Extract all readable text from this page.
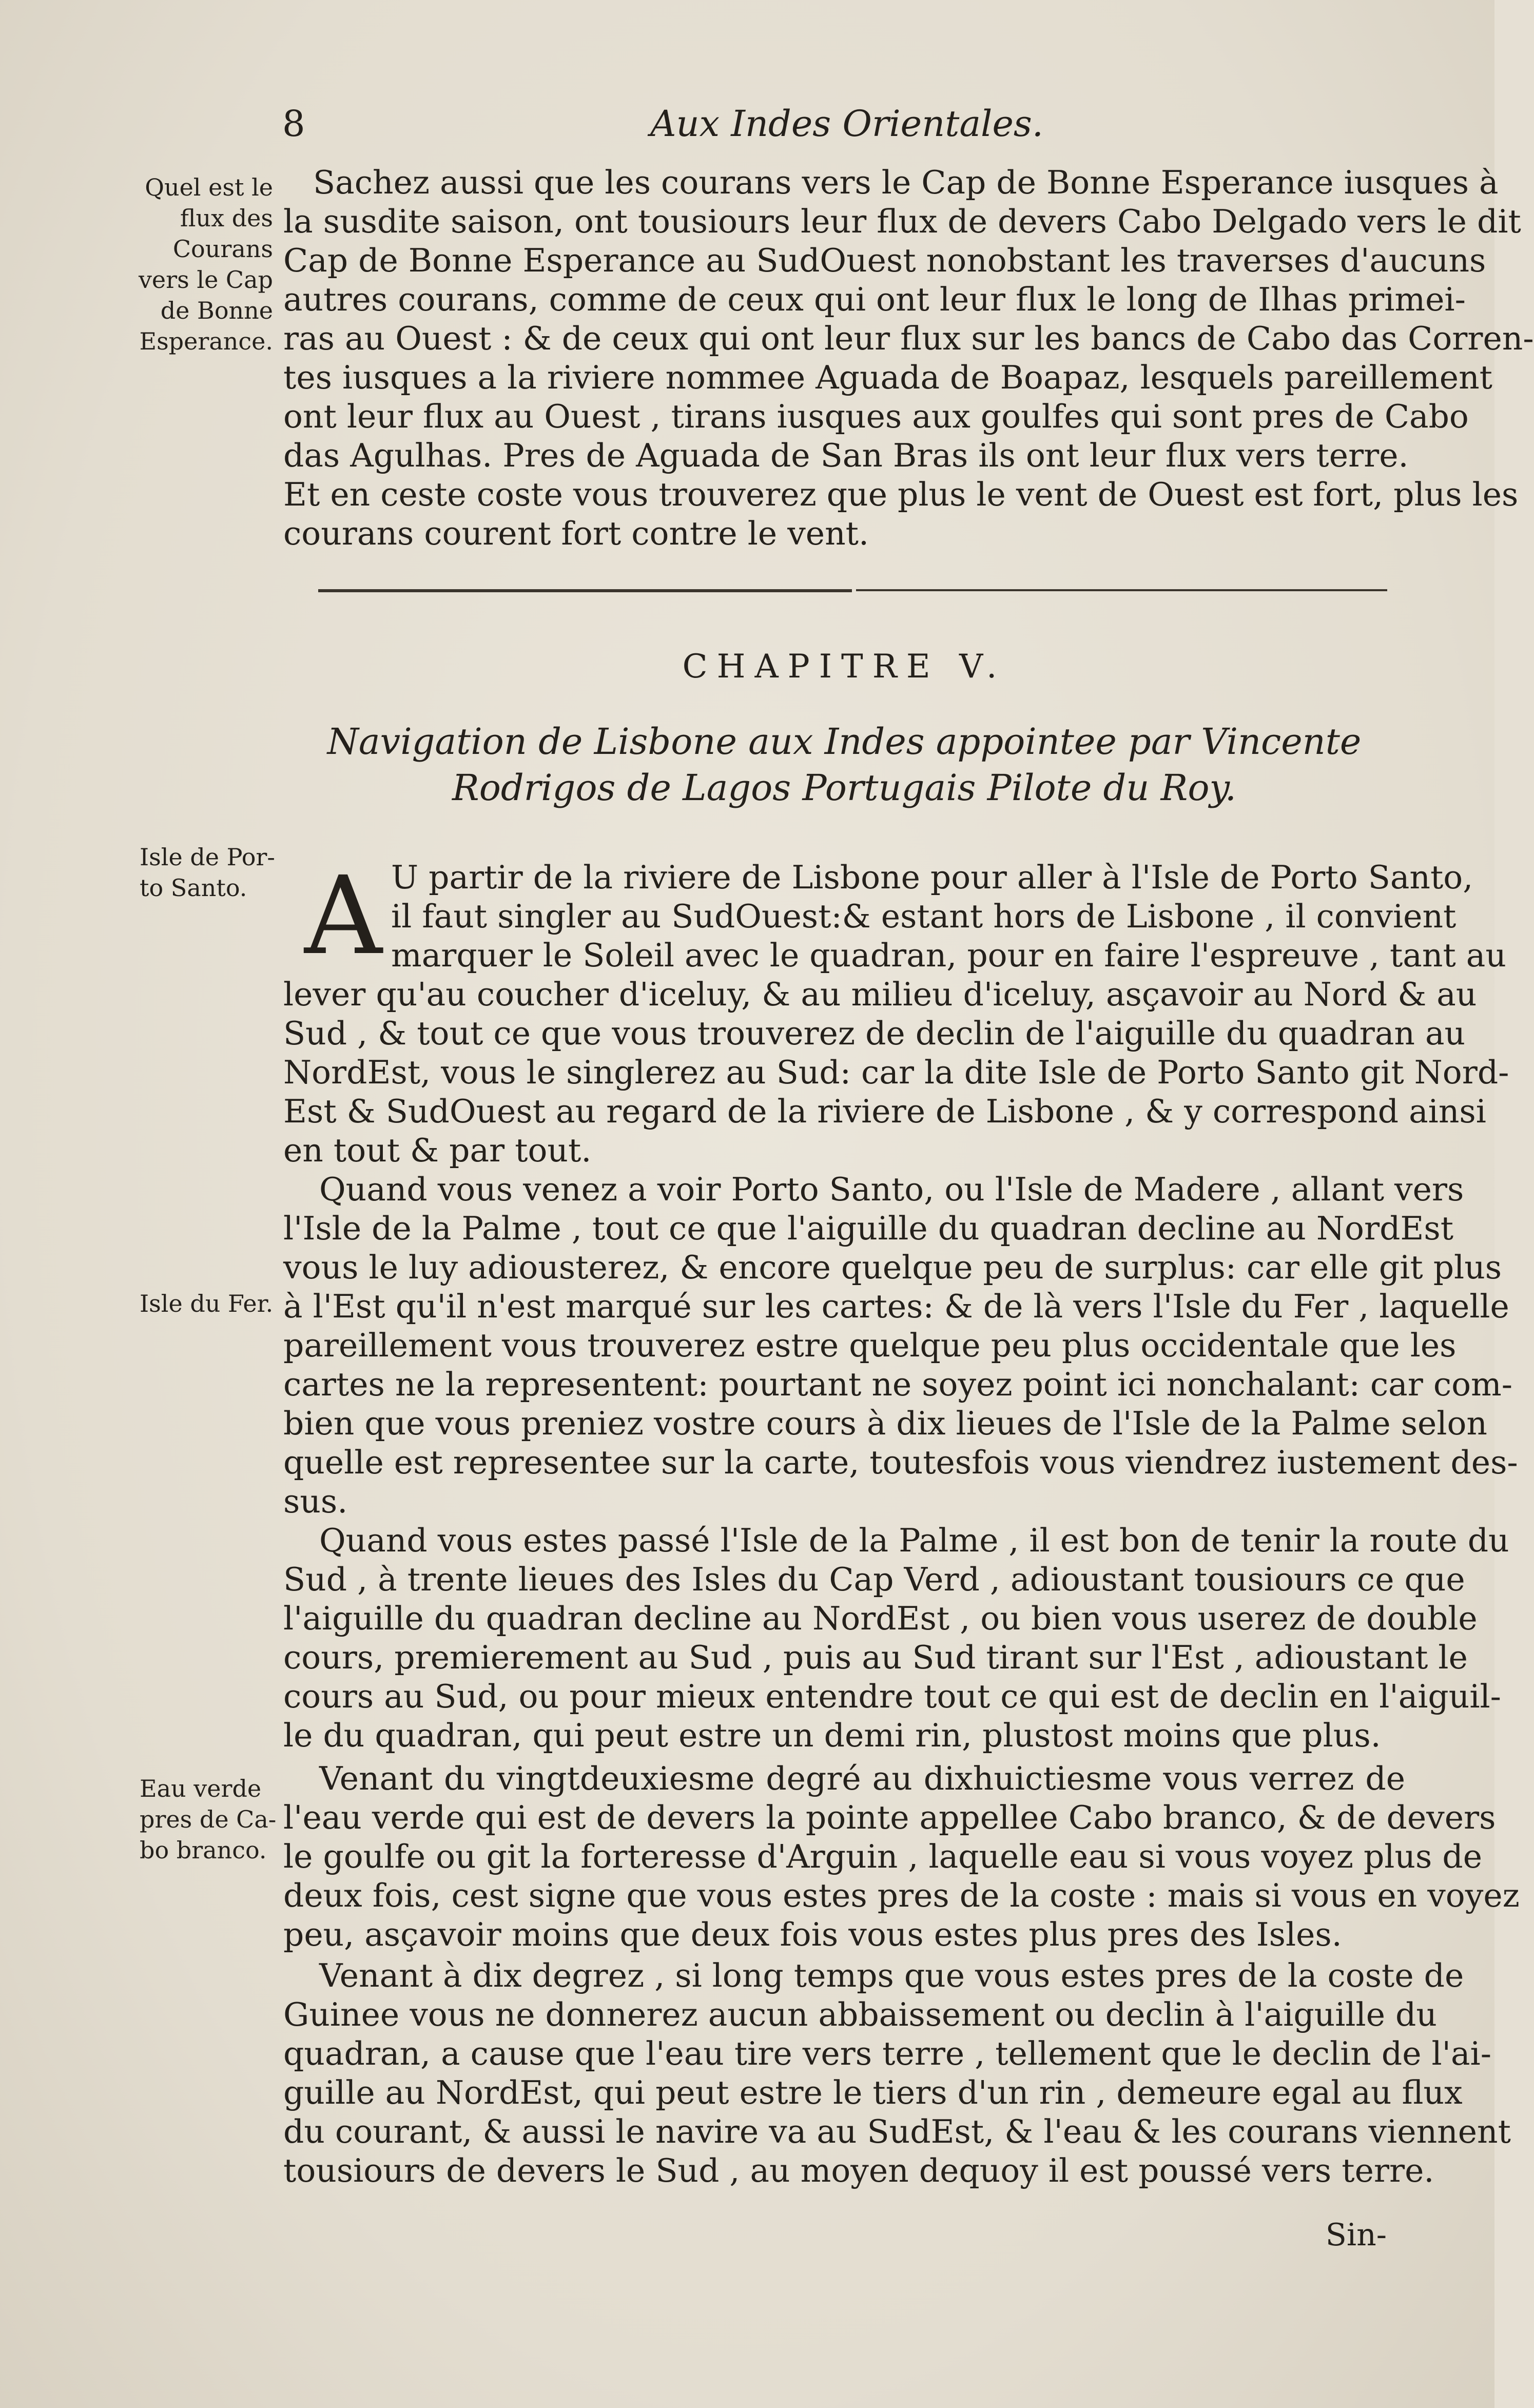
8	Aux Indes Orientales.
Quel est le
flux des
Courans
vers le Cap
de Bonne
Esperance.
Isle de Por-
to Santo.
Isle du Fer.
Eau verde
pres de Ca-
bo branco.
Sachez aussi que les courans vers le Cap de Bonne Esperance iusques à
la susdite saison, ont tousiours leur flux de devers Cabo Delgado vers le dit
Cap de Bonne Esperance au SudOuest nonobstant les traverses d'aucuns
autres courans, comme de ceux qui ont leur flux le long de Ilhas primei-
ras au Ouest : & de ceux qui ont leur flux sur les bancs de Cabo das Corren-
tes iusques a la riviere nommee Aguada de Boapaz, lesquels pareillement
ont leur flux au Ouest , tirans iusques aux goulfes qui sont pres de Cabo
das Agulhas. Pres de Aguada de San Bras ils ont leur flux vers terre.
Et en ceste coste vous trouverez que plus le vent de Ouest est fort, plus les
courans courent fort contre le vent.
CHAPITRE V.
Navigation de Lisbone aux Indes appointee par Vincente
Rodrigos de Lagos Portugais Pilote du Roy.
A U partir de la riviere de Lisbone pour aller à l'Isle de Porto Santo,
il faut singler au SudOuest:& estant hors de Lisbone , il convient
marquer le Soleil avec le quadran, pour en faire l'espreuve , tant au
lever qu'au coucher d'iceluy, & au milieu d'iceluy, asçavoir au Nord & au
Sud , & tout ce que vous trouverez de declin de l'aiguille du quadran au
NordEst, vous le singlerez au Sud: car la dite Isle de Porto Santo git Nord-
Est & SudOuest au regard de la riviere de Lisbone , & y correspond ainsi
en tout & par tout.
Quand vous venez a voir Porto Santo, ou l'Isle de Madere , allant vers
l'Isle de la Palme , tout ce que l'aiguille du quadran decline au NordEst
vous le luy adiousterez, & encore quelque peu de surplus: car elle git plus
à l'Est qu'il n'est marqué sur les cartes: & de là vers l'Isle du Fer , laquelle
pareillement vous trouverez estre quelque peu plus occidentale que les
cartes ne la representent: pourtant ne soyez point ici nonchalant: car com-
bien que vous preniez vostre cours à dix lieues de l'Isle de la Palme selon
quelle est representee sur la carte, toutesfois vous viendrez iustement des-
sus.
Quand vous estes passé l'Isle de la Palme , il est bon de tenir la route du
Sud , à trente lieues des Isles du Cap Verd , adioustant tousiours ce que
l'aiguille du quadran decline au NordEst , ou bien vous userez de double
cours, premierement au Sud , puis au Sud tirant sur l'Est , adioustant le
cours au Sud, ou pour mieux entendre tout ce qui est de declin en l'aiguil-
le du quadran, qui peut estre un demi rin, plustost moins que plus.
Venant du vingtdeuxiesme degré au dixhuictiesme vous verrez de
l'eau verde qui est de devers la pointe appellee Cabo branco, & de devers
le goulfe ou git la forteresse d'Arguin , laquelle eau si vous voyez plus de
deux fois, cest signe que vous estes pres de la coste : mais si vous en voyez
peu, asçavoir moins que deux fois vous estes plus pres des Isles.
Venant à dix degrez , si long temps que vous estes pres de la coste de
Guinee vous ne donnerez aucun abbaissement ou declin à l'aiguille du
quadran, a cause que l'eau tire vers terre , tellement que le declin de l'ai-
guille au NordEst, qui peut estre le tiers d'un rin , demeure egal au flux
du courant, & aussi le navire va au SudEst, & l'eau & les courans viennent
tousiours de devers le Sud , au moyen dequoy il est poussé vers terre.
Sin-
